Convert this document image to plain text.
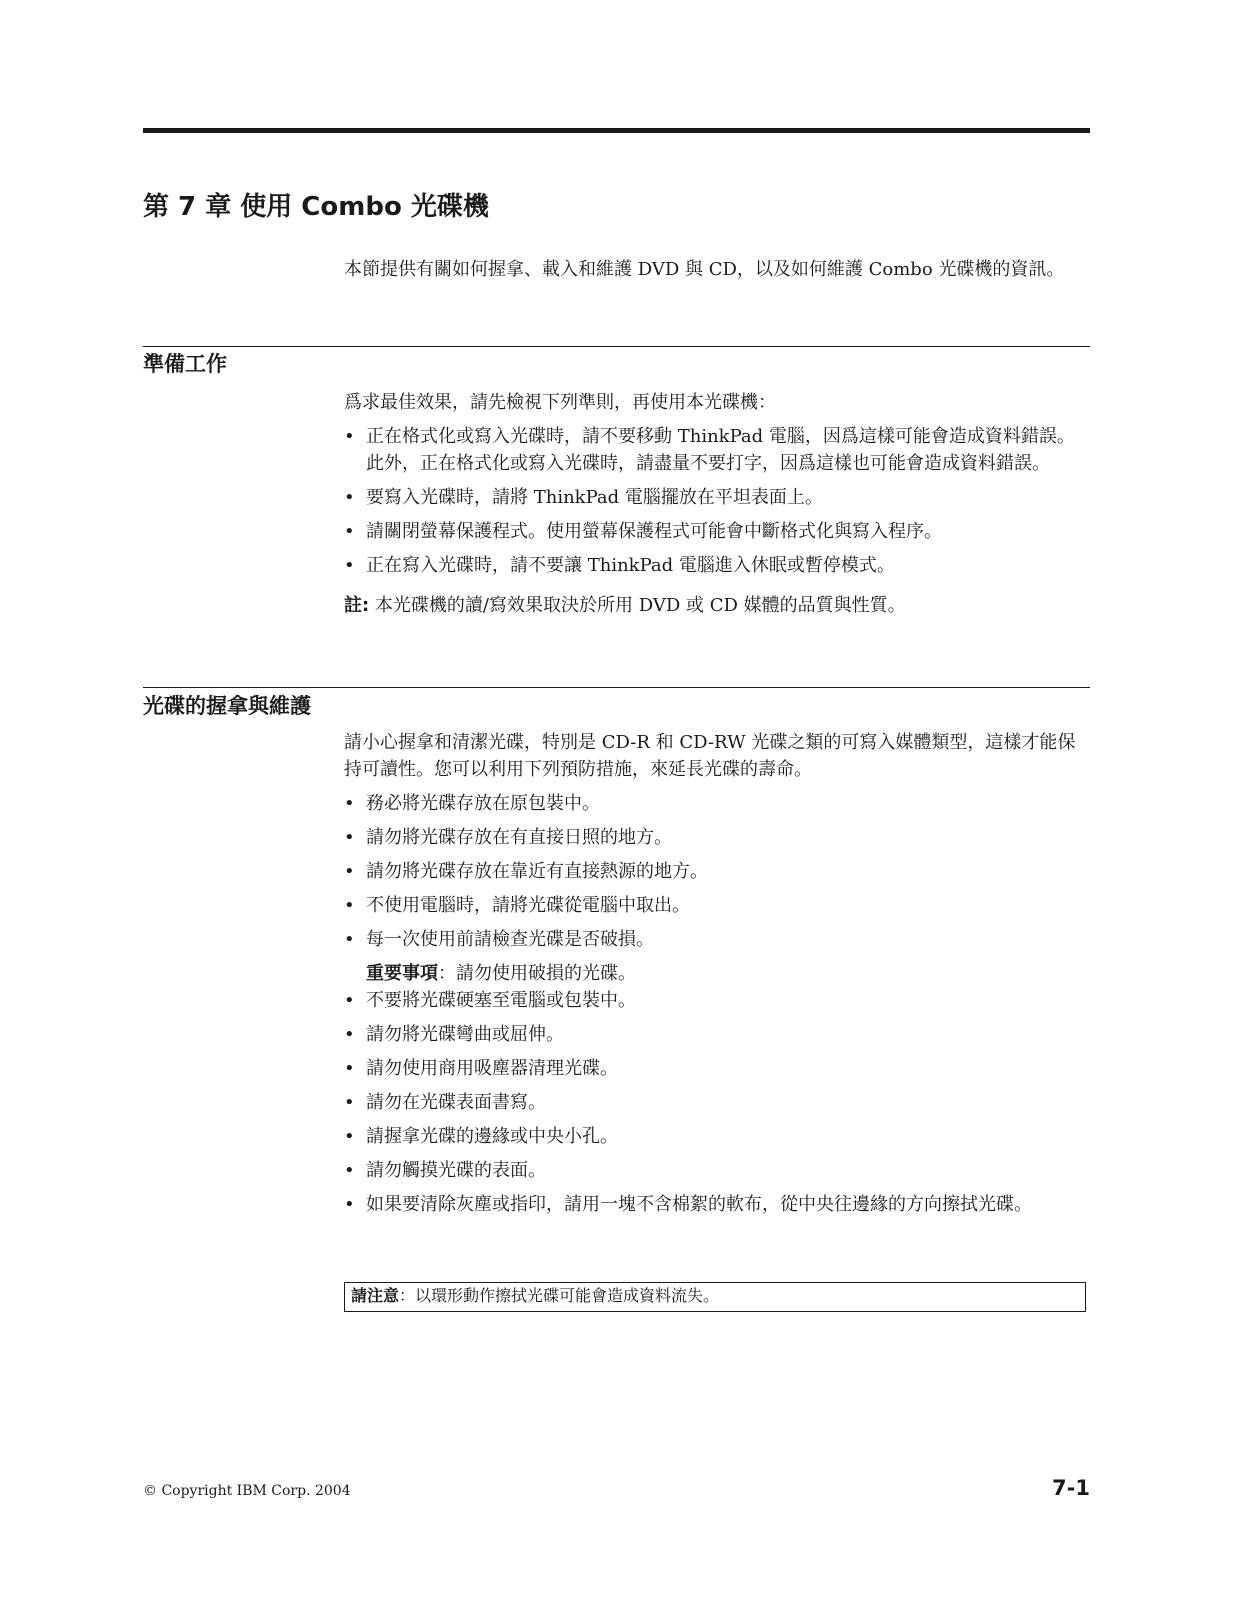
第 7 章 使用 Combo 光碟機

本節提供有關如何握拿、載入和維護 DVD 與 CD，以及如何維護 Combo 光碟機的資訊。

準備工作

爲求最佳效果，請先檢視下列準則，再使用本光碟機：

• 正在格式化或寫入光碟時，請不要移動 ThinkPad 電腦，因爲這樣可能會造成資料錯誤。此外，正在格式化或寫入光碟時，請盡量不要打字，因爲這樣也可能會造成資料錯誤。
• 要寫入光碟時，請將 ThinkPad 電腦擺放在平坦表面上。
• 請關閉螢幕保護程式。使用螢幕保護程式可能會中斷格式化與寫入程序。
• 正在寫入光碟時，請不要讓 ThinkPad 電腦進入休眠或暫停模式。

註: 本光碟機的讀/寫效果取決於所用 DVD 或 CD 媒體的品質與性質。

光碟的握拿與維護

請小心握拿和清潔光碟，特別是 CD-R 和 CD-RW 光碟之類的可寫入媒體類型，這樣才能保持可讀性。您可以利用下列預防措施，來延長光碟的壽命。

• 務必將光碟存放在原包裝中。
• 請勿將光碟存放在有直接日照的地方。
• 請勿將光碟存放在靠近有直接熱源的地方。
• 不使用電腦時，請將光碟從電腦中取出。
• 每一次使用前請檢查光碟是否破損。

重要事項：請勿使用破損的光碟。

• 不要將光碟硬塞至電腦或包裝中。
• 請勿將光碟彎曲或屈伸。
• 請勿使用商用吸塵器清理光碟。
• 請勿在光碟表面書寫。
• 請握拿光碟的邊緣或中央小孔。
• 請勿觸摸光碟的表面。
• 如果要清除灰塵或指印，請用一塊不含棉絮的軟布，從中央往邊緣的方向擦拭光碟。
請注意：以環形動作擦拭光碟可能會造成資料流失。
© Copyright IBM Corp. 2004	7-1
